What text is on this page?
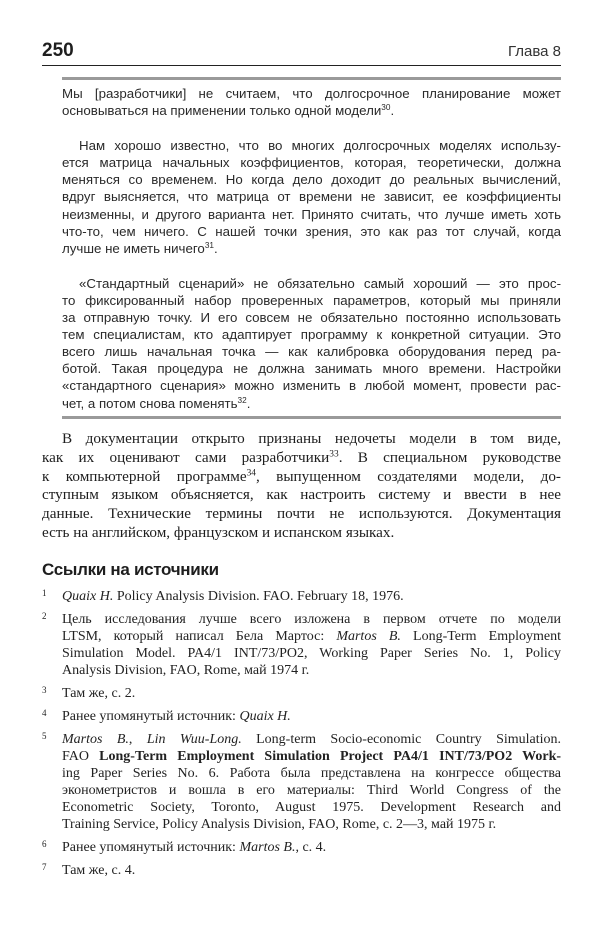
250	Глава 8
Мы [разработчики] не считаем, что долгосрочное планирование может
основываться на применении только одной модели$^{30}$.
Нам хорошо известно, что во многих долгосрочных моделях использу-
ется матрица начальных коэффициентов, которая, теоретически, должна
меняться со временем. Но когда дело доходит до реальных вычислений,
вдруг выясняется, что матрица от времени не зависит, ее коэффициенты
неизменны, и другого варианта нет. Принято считать, что лучше иметь хоть
что-то, чем ничего. С нашей точки зрения, это как раз тот случай, когда
лучше не иметь ничего$^{31}$.
«Стандартный сценарий» не обязательно самый хороший — это прос-
то фиксированный набор проверенных параметров, который мы приняли
за отправную точку. И его совсем не обязательно постоянно использовать
тем специалистам, кто адаптирует программу к конкретной ситуации. Это
всего лишь начальная точка — как калибровка оборудования перед ра-
ботой. Такая процедура не должна занимать много времени. Настройки
«стандартного сценария» можно изменить в любой момент, провести рас-
чет, а потом снова поменять$^{32}$.
В документации открыто признаны недочеты модели в том виде,
как их оценивают сами разработчики$^{33}$. В специальном руководстве
к компьютерной программе$^{34}$, выпущенном создателями модели, до-
ступным языком объясняется, как настроить систему и ввести в нее
данные. Технические термины почти не используются. Документация
есть на английском, французском и испанском языках.
Ссылки на источники
1	Quaix H. Policy Analysis Division. FAO. February 18, 1976.
2	Цель исследования лучше всего изложена в первом отчете по модели
LTSM, который написал Бела Мартос: Martos B. Long-Term Employment
Simulation Model. PA4/1 INT/73/PO2, Working Paper Series No. 1, Policy
Analysis Division, FAO, Rome, май 1974 г.
3	Там же, с. 2.
4	Ранее упомянутый источник: Quaix H.
5	Martos B., Lin Wuu-Long. Long-term Socio-economic Country Simulation.
FAO Long-Term Employment Simulation Project PA4/1 INT/73/PO2 Work-
ing Paper Series No. 6. Работа была представлена на конгрессе общества
эконометристов и вошла в его материалы: Third World Congress of the
Econometric Society, Toronto, August 1975. Development Research and
Training Service, Policy Analysis Division, FAO, Rome, с. 2—3, май 1975 г.
6	Ранее упомянутый источник: Martos B., с. 4.
7	Там же, с. 4.
